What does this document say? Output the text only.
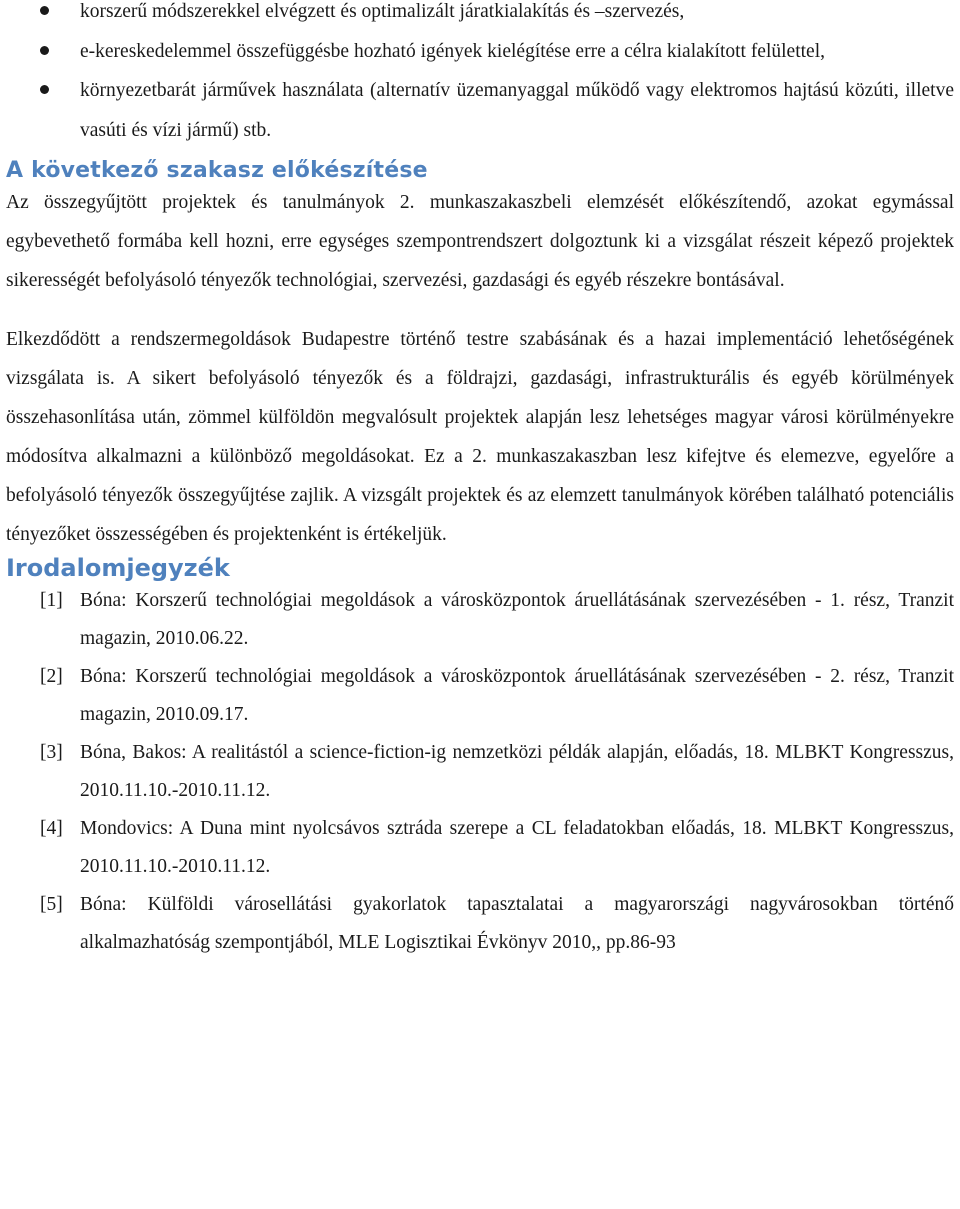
korszerű módszerekkel elvégzett és optimalizált járatkialakítás és –szervezés,
e-kereskedelemmel összefüggésbe hozható igények kielégítése erre a célra kialakított felülettel,
környezetbarát járművek használata (alternatív üzemanyaggal működő vagy elektromos hajtású közúti, illetve vasúti és vízi jármű) stb.
A következő szakasz előkészítése

Az összegyűjtött projektek és tanulmányok 2. munkaszakaszbeli elemzését előkészítendő, azokat egymással egybevethető formába kell hozni, erre egységes szempontrendszert dolgoztunk ki a vizsgálat részeit képező projektek sikerességét befolyásoló tényezők technológiai, szervezési, gazdasági és egyéb részekre bontásával.

Elkezdődött a rendszermegoldások Budapestre történő testre szabásának és a hazai implementáció lehetőségének vizsgálata is. A sikert befolyásoló tényezők és a földrajzi, gazdasági, infrastrukturális és egyéb körülmények összehasonlítása után, zömmel külföldön megvalósult projektek alapján lesz lehetséges magyar városi körülményekre módosítva alkalmazni a különböző megoldásokat. Ez a 2. munkaszakaszban lesz kifejtve és elemezve, egyelőre a befolyásoló tényezők összegyűjtése zajlik. A vizsgált projektek és az elemzett tanulmányok körében található potenciális tényezőket összességében és projektenként is értékeljük.

Irodalomjegyzék
[1] Bóna: Korszerű technológiai megoldások a városközpontok áruellátásának szervezésében - 1. rész, Tranzit magazin, 2010.06.22.
[2] Bóna: Korszerű technológiai megoldások a városközpontok áruellátásának szervezésében - 2. rész, Tranzit magazin, 2010.09.17.
[3] Bóna, Bakos: A realitástól a science-fiction-ig nemzetközi példák alapján, előadás, 18. MLBKT Kongresszus, 2010.11.10.-2010.11.12.
[4] Mondovics: A Duna mint nyolcsávos sztráda szerepe a CL feladatokban előadás, 18. MLBKT Kongresszus, 2010.11.10.-2010.11.12.
[5] Bóna: Külföldi városellátási gyakorlatok tapasztalatai a magyarországi nagyvárosokban történő alkalmazhatóság szempontjából, MLE Logisztikai Évkönyv 2010,, pp.86-93
